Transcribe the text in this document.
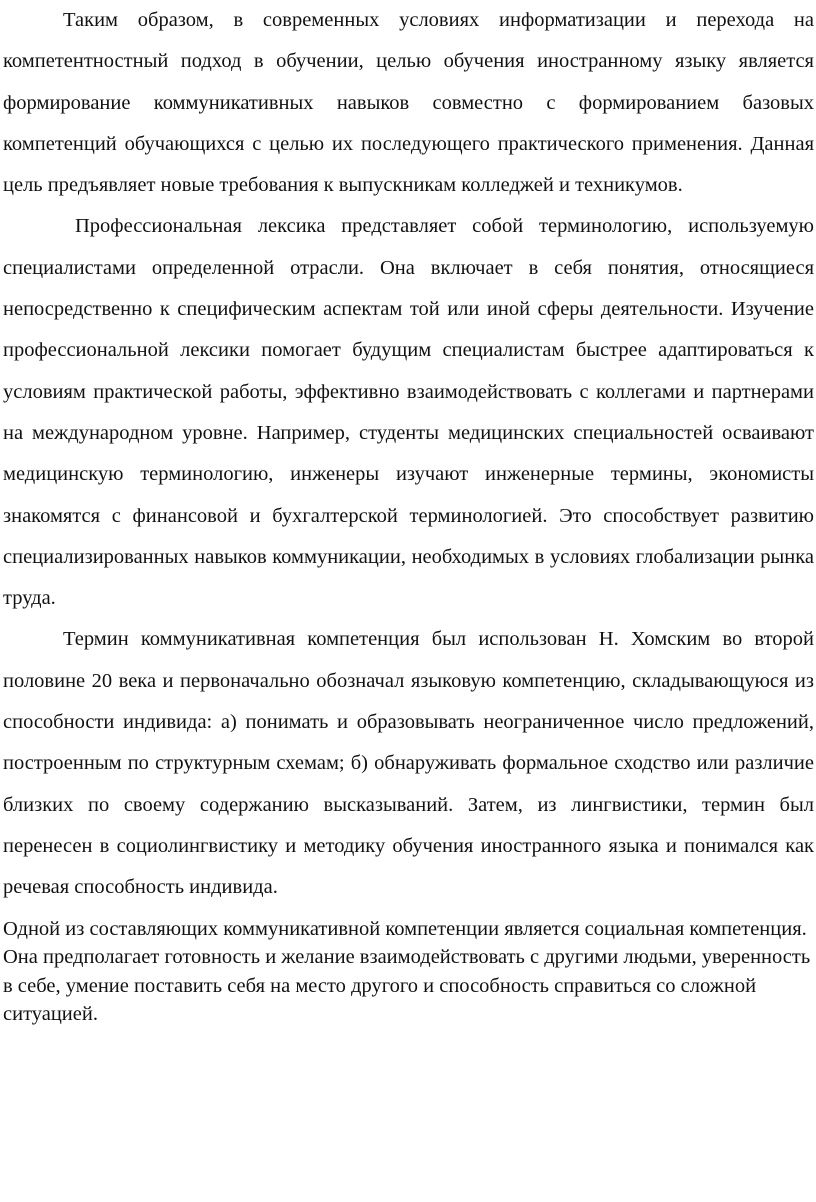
Таким образом, в современных условиях информатизации и перехода на компетентностный подход в обучении, целью обучения иностранному языку является формирование коммуникативных навыков совместно с формированием базовых компетенций обучающихся с целью их последующего практического применения. Данная цель предъявляет новые требования к выпускникам колледжей и техникумов.

Профессиональная лексика представляет собой терминологию, используемую специалистами определенной отрасли. Она включает в себя понятия, относящиеся непосредственно к специфическим аспектам той или иной сферы деятельности. Изучение профессиональной лексики помогает будущим специалистам быстрее адаптироваться к условиям практической работы, эффективно взаимодействовать с коллегами и партнерами на международном уровне. Например, студенты медицинских специальностей осваивают медицинскую терминологию, инженеры изучают инженерные термины, экономисты знакомятся с финансовой и бухгалтерской терминологией. Это способствует развитию специализированных навыков коммуникации, необходимых в условиях глобализации рынка труда.

Термин коммуникативная компетенция был использован Н. Хомским во второй половине 20 века и первоначально обозначал языковую компетенцию, складывающуюся из способности индивида: а) понимать и образовывать неограниченное число предложений, построенным по структурным схемам; б) обнаруживать формальное сходство или различие близких по своему содержанию высказываний. Затем, из лингвистики, термин был перенесен в социолингвистику и методику обучения иностранного языка и понимался как речевая способность индивида.

Одной из составляющих коммуникативной компетенции является социальная компетенция. Она предполагает готовность и желание взаимодействовать с другими людьми, уверенность в себе, умение поставить себя на место другого и способность справиться со сложной ситуацией.
